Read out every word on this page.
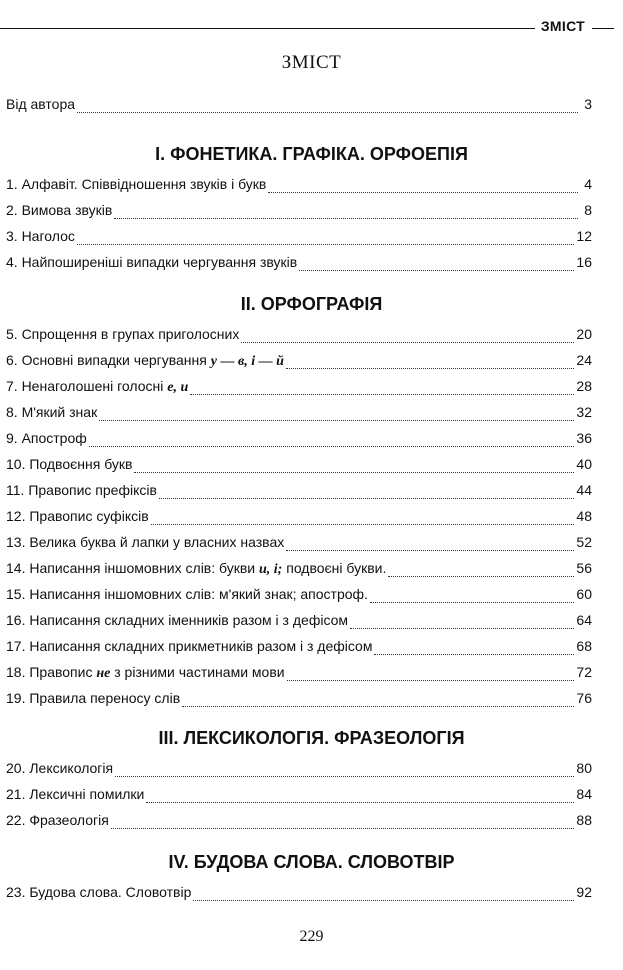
ЗМІСТ
ЗМІСТ
Від автора	3
І. ФОНЕТИКА. ГРАФІКА. ОРФОЕПІЯ
1. Алфавіт. Співвідношення звуків і букв	4
2. Вимова звуків	8
3. Наголос	12
4. Найпоширеніші випадки чергування звуків	16
ІІ. ОРФОГРАФІЯ
5. Спрощення в групах приголосних	20
6. Основні випадки чергування у — в, і — й	24
7. Ненаголошені голосні е, и	28
8. М'який знак	32
9. Апостроф	36
10. Подвоєння букв	40
11. Правопис префіксів	44
12. Правопис суфіксів	48
13. Велика буква й лапки у власних назвах	52
14. Написання іншомовних слів: букви и, і; подвоєні букви.	56
15. Написання іншомовних слів: м'який знак; апостроф.	60
16. Написання складних іменників разом і з дефісом	64
17. Написання складних прикметників разом і з дефісом	68
18. Правопис не з різними частинами мови	72
19. Правила переносу слів	76
ІІІ. ЛЕКСИКОЛОГІЯ. ФРАЗЕОЛОГІЯ
20. Лексикологія	80
21. Лексичні помилки	84
22. Фразеологія	88
IV. БУДОВА СЛОВА. СЛОВОТВІР
23. Будова слова. Словотвір	92
229
